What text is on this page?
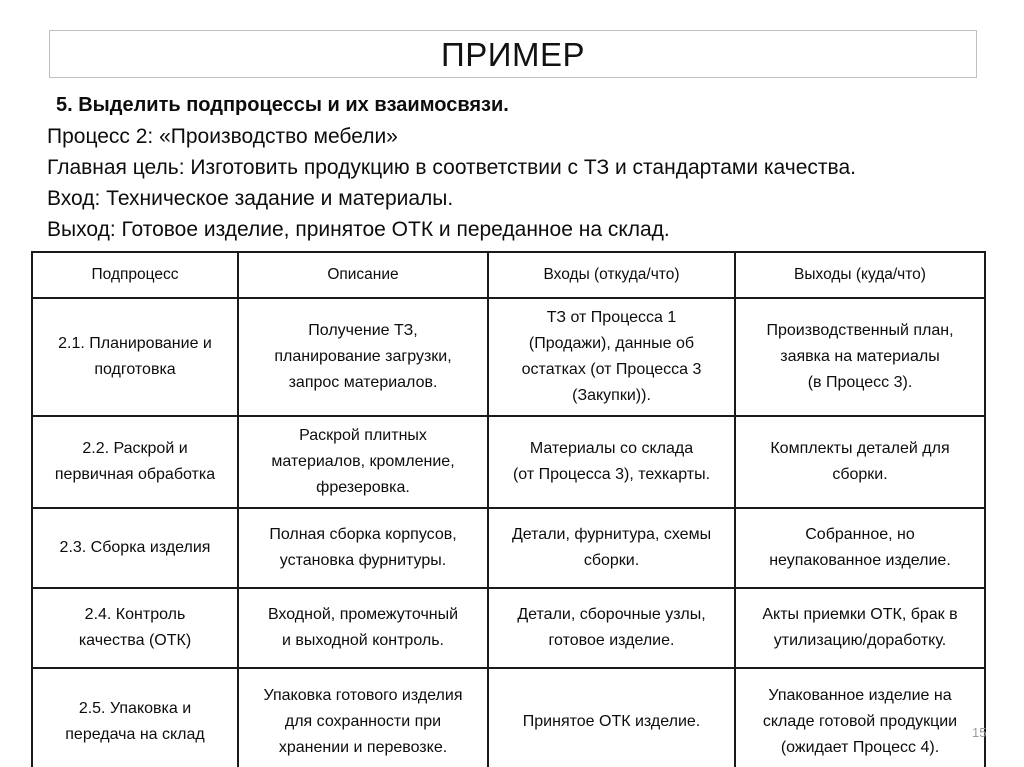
ПРИМЕР
5. Выделить подпроцессы и их взаимосвязи.
Процесс 2: «Производство мебели»
Главная цель: Изготовить продукцию в соответствии с ТЗ и стандартами качества.
Вход: Техническое задание и материалы.
Выход: Готовое изделие, принятое ОТК и переданное на склад.
Подпроцесс	Описание	Входы (откуда/что)	Выходы (куда/что)

2.1. Планирование и
подготовка	Получение ТЗ,
планирование загрузки,
запрос материалов.	ТЗ от Процесса 1
(Продажи), данные об
остатках (от Процесса 3
(Закупки)).	Производственный план,
заявка на материалы
(в Процесс 3).

2.2. Раскрой и
первичная обработка	Раскрой плитных
материалов, кромление,
фрезеровка.	Материалы со склада
(от Процесса 3), техкарты.	Комплекты деталей для
сборки.

2.3. Сборка изделия	Полная сборка корпусов,
установка фурнитуры.	Детали, фурнитура, схемы
сборки.	Собранное, но
неупакованное изделие.

2.4. Контроль
качества (ОТК)	Входной, промежуточный
и выходной контроль.	Детали, сборочные узлы,
готовое изделие.	Акты приемки ОТК, брак в
утилизацию/доработку.

2.5. Упаковка и
передача на склад	Упаковка готового изделия
для сохранности при
хранении и перевозке.	Принятое ОТК изделие.	Упакованное изделие на
складе готовой продукции
(ожидает Процесс 4).
15
